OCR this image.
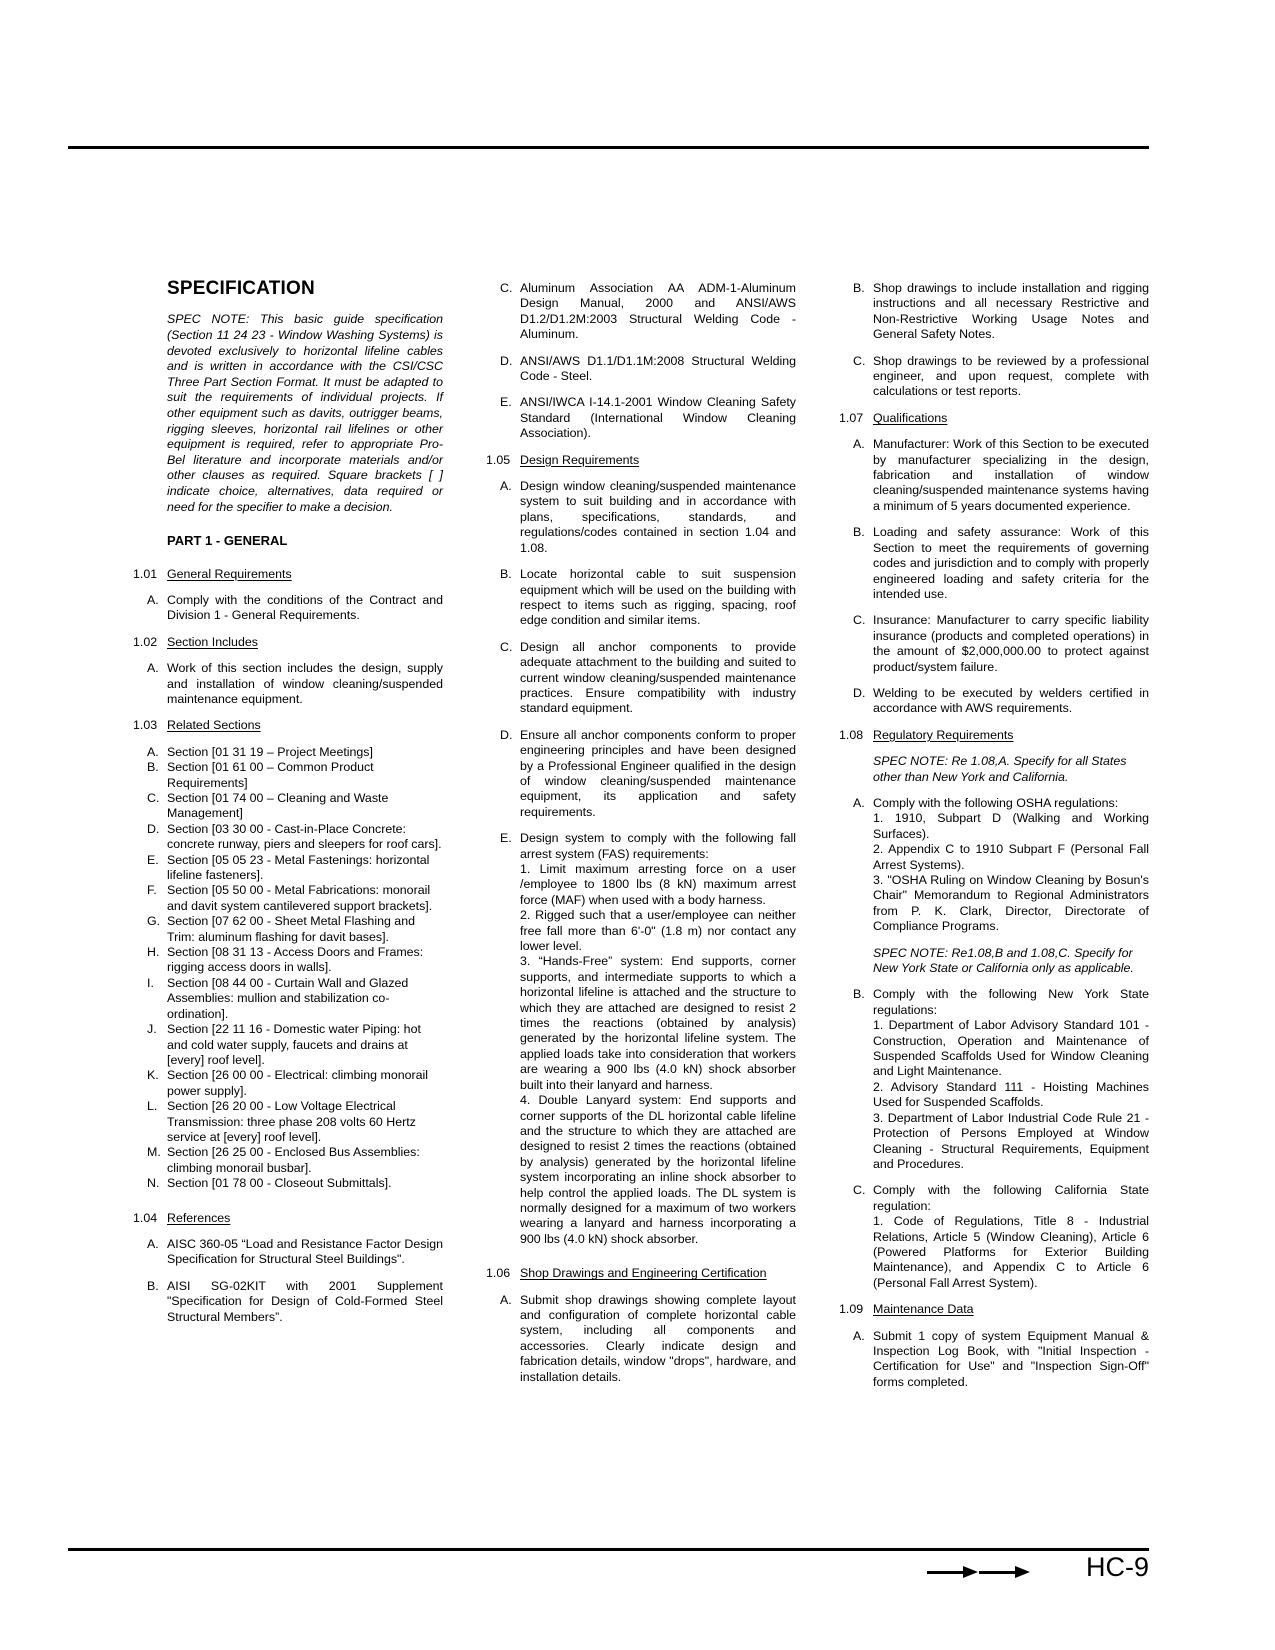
SPECIFICATION
SPEC NOTE: This basic guide specification (Section 11 24 23 - Window Washing Systems) is devoted exclusively to horizontal lifeline cables and is written in accordance with the CSI/CSC Three Part Section Format. It must be adapted to suit the requirements of individual projects. If other equipment such as davits, outrigger beams, rigging sleeves, horizontal rail lifelines or other equipment is required, refer to appropriate Pro-Bel literature and incorporate materials and/or other clauses as required. Square brackets [ ] indicate choice, alternatives, data required or need for the specifier to make a decision.
PART 1 - GENERAL
1.01 General Requirements
A. Comply with the conditions of the Contract and Division 1 - General Requirements.
1.02 Section Includes
A. Work of this section includes the design, supply and installation of window cleaning/suspended maintenance equipment.
1.03 Related Sections
A. Section [01 31 19 – Project Meetings]
B. Section [01 61 00 – Common Product Requirements]
C. Section [01 74 00 – Cleaning and Waste Management]
D. Section [03 30 00 - Cast-in-Place Concrete: concrete runway, piers and sleepers for roof cars].
E. Section [05 05 23 - Metal Fastenings: horizontal lifeline fasteners].
F. Section [05 50 00 - Metal Fabrications: monorail and davit system cantilevered support brackets].
G. Section [07 62 00 - Sheet Metal Flashing and Trim: aluminum flashing for davit bases].
H. Section [08 31 13 - Access Doors and Frames: rigging access doors in walls].
I.	Section [08 44 00 - Curtain Wall and Glazed Assemblies: mullion and stabilization co-ordination].
J. Section [22 11 16 - Domestic water Piping: hot and cold water supply, faucets and drains at [every] roof level].
K. Section [26 00 00 - Electrical: climbing monorail power supply].
L. Section [26 20 00 - Low Voltage Electrical Transmission: three phase 208 volts 60 Hertz service at [every] roof level].
M. Section [26 25 00 - Enclosed Bus Assemblies: climbing monorail busbar].
N. Section [01 78 00 - Closeout Submittals].
1.04 References
A. AISC 360-05 “Load and Resistance Factor Design Specification for Structural Steel Buildings".
B. AISI SG-02KIT with 2001 Supplement "Specification for Design of Cold-Formed Steel Structural Members”.
C. Aluminum Association AA ADM-1-Aluminum Design Manual, 2000 and ANSI/AWS D1.2/D1.2M:2003 Structural Welding Code - Aluminum.
D. ANSI/AWS D1.1/D1.1M:2008 Structural Welding Code - Steel.
E. ANSI/IWCA I-14.1-2001 Window Cleaning Safety Standard (International Window Cleaning Association).
1.05 Design Requirements
A. Design window cleaning/suspended maintenance system to suit building and in accordance with plans, specifications, standards, and regulations/codes contained in section 1.04 and 1.08.
B. Locate horizontal cable to suit suspension equipment which will be used on the building with respect to items such as rigging, spacing, roof edge condition and similar items.
C. Design all anchor components to provide adequate attachment to the building and suited to current window cleaning/suspended maintenance practices. Ensure compatibility with industry standard equipment.
D. Ensure all anchor components conform to proper engineering principles and have been designed by a Professional Engineer qualified in the design of window cleaning/suspended maintenance equipment, its application and safety requirements.
E. Design system to comply with the following fall arrest system (FAS) requirements:

1. Limit maximum arresting force on a user /employee to 1800 lbs (8 kN) maximum arrest force (MAF) when used with a body harness.

2. Rigged such that a user/employee can neither free fall more than 6'-0" (1.8 m) nor contact any lower level.

3. “Hands-Free” system: End supports, corner supports, and intermediate supports to which a horizontal lifeline is attached and the structure to which they are attached are designed to resist 2 times the reactions (obtained by analysis) generated by the horizontal lifeline system. The applied loads take into consideration that workers are wearing a 900 lbs (4.0 kN) shock absorber built into their lanyard and harness.

4. Double Lanyard system: End supports and corner supports of the DL horizontal cable lifeline and the structure to which they are attached are designed to resist 2 times the reactions (obtained by analysis) generated by the horizontal lifeline system incorporating an inline shock absorber to help control the applied loads. The DL system is normally designed for a maximum of two workers wearing a lanyard and harness incorporating a 900 lbs (4.0 kN) shock absorber.

1.06 Shop Drawings and Engineering Certification
A. Submit shop drawings showing complete layout and configuration of complete horizontal cable system, including all components and accessories. Clearly indicate design and fabrication details, window "drops", hardware, and installation details.
B. Shop drawings to include installation and rigging instructions and all necessary Restrictive and Non-Restrictive Working Usage Notes and General Safety Notes.
C. Shop drawings to be reviewed by a professional engineer, and upon request, complete with calculations or test reports.
1.07 Qualifications
A. Manufacturer: Work of this Section to be executed by manufacturer specializing in the design, fabrication and installation of window cleaning/suspended maintenance systems having a minimum of 5 years documented experience.
B. Loading and safety assurance: Work of this Section to meet the requirements of governing codes and jurisdiction and to comply with properly engineered loading and safety criteria for the intended use.
C. Insurance: Manufacturer to carry specific liability insurance (products and completed operations) in the amount of $2,000,000.00 to protect against product/system failure.
D. Welding to be executed by welders certified in accordance with AWS requirements.
1.08 Regulatory Requirements
SPEC NOTE: Re 1.08,A. Specify for all States other than New York and California.
A. Comply with the following OSHA regulations:

1. 1910, Subpart D (Walking and Working Surfaces).

2. Appendix C to 1910 Subpart F (Personal Fall Arrest Systems).

3. "OSHA Ruling on Window Cleaning by Bosun's Chair" Memorandum to Regional Administrators from P. K. Clark, Director, Directorate of Compliance Programs.

SPEC NOTE: Re1.08,B and 1.08,C. Specify for New York State or California only as applicable.
B. Comply with the following New York State regulations:

1. Department of Labor Advisory Standard 101 - Construction, Operation and Maintenance of Suspended Scaffolds Used for Window Cleaning and Light Maintenance.

2. Advisory Standard 111 - Hoisting Machines Used for Suspended Scaffolds.

3. Department of Labor Industrial Code Rule 21 - Protection of Persons Employed at Window Cleaning - Structural Requirements, Equipment and Procedures.

C. Comply with the following California State regulation:

1. Code of Regulations, Title 8 - Industrial Relations, Article 5 (Window Cleaning), Article 6 (Powered Platforms for Exterior Building Maintenance), and Appendix C to Article 6 (Personal Fall Arrest System).

1.09 Maintenance Data
A. Submit 1 copy of system Equipment Manual & Inspection Log Book, with "Initial Inspection - Certification for Use" and "Inspection Sign-Off" forms completed.
HC-9
